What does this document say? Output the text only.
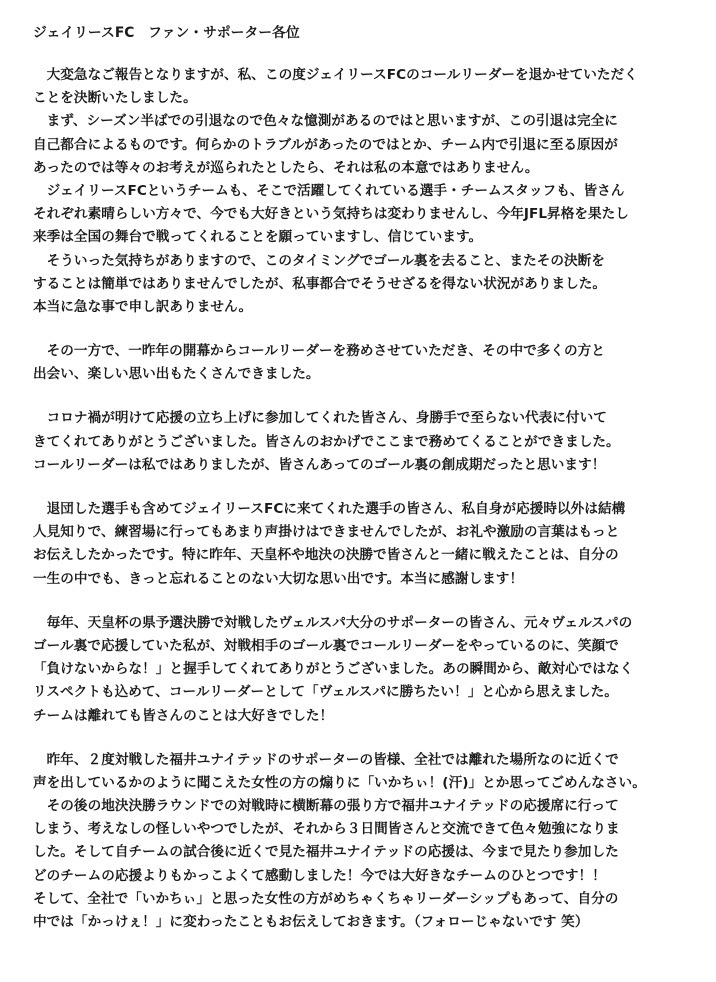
ジェイリースFC　ファン・サポーター各位
　大変急なご報告となりますが、私、この度ジェイリースFCのコールリーダーを退かせていただく
ことを決断いたしました。
　まず、シーズン半ばでの引退なので色々な憶測があるのではと思いますが、この引退は完全に
自己都合によるものです。何らかのトラブルがあったのではとか、チーム内で引退に至る原因が
あったのでは等々のお考えが巡られたとしたら、それは私の本意ではありません。
　ジェイリースFCというチームも、そこで活躍してくれている選手・チームスタッフも、皆さん
それぞれ素晴らしい方々で、今でも大好きという気持ちは変わりませんし、今年JFL昇格を果たし
来季は全国の舞台で戦ってくれることを願っていますし、信じています。
　そういった気持ちがありますので、このタイミングでゴール裏を去ること、またその決断を
することは簡単ではありませんでしたが、私事都合でそうせざるを得ない状況がありました。
本当に急な事で申し訳ありません。
　その一方で、一昨年の開幕からコールリーダーを務めさせていただき、その中で多くの方と
出会い、楽しい思い出もたくさんできました。
　コロナ禍が明けて応援の立ち上げに参加してくれた皆さん、身勝手で至らない代表に付いて
きてくれてありがとうございました。皆さんのおかげでここまで務めてくることができました。
コールリーダーは私ではありましたが、皆さんあってのゴール裏の創成期だったと思います！
　退団した選手も含めてジェイリースFCに来てくれた選手の皆さん、私自身が応援時以外は結構
人見知りで、練習場に行ってもあまり声掛けはできませんでしたが、お礼や激励の言葉はもっと
お伝えしたかったです。特に昨年、天皇杯や地決の決勝で皆さんと一緒に戦えたことは、自分の
一生の中でも、きっと忘れることのない大切な思い出です。本当に感謝します！
　毎年、天皇杯の県予選決勝で対戦したヴェルスパ大分のサポーターの皆さん、元々ヴェルスパの
ゴール裏で応援していた私が、対戦相手のゴール裏でコールリーダーをやっているのに、笑顔で
「負けないからな！」と握手してくれてありがとうございました。あの瞬間から、敵対心ではなく
リスペクトも込めて、コールリーダーとして「ヴェルスパに勝ちたい！」と心から思えました。
チームは離れても皆さんのことは大好きでした！
　昨年、２度対戦した福井ユナイテッドのサポーターの皆様、全社では離れた場所なのに近くで
声を出しているかのように聞こえた女性の方の煽りに「いかちぃ！(汗)」とか思ってごめんなさい。
　その後の地決決勝ラウンドでの対戦時に横断幕の張り方で福井ユナイテッドの応援席に行って
しまう、考えなしの怪しいやつでしたが、それから３日間皆さんと交流できて色々勉強になりま
した。そして自チームの試合後に近くで見た福井ユナイテッドの応援は、今まで見たり参加した
どのチームの応援よりもかっこよくて感動しました！今では大好きなチームのひとつです！！
そして、全社で「いかちぃ」と思った女性の方がめちゃくちゃリーダーシップもあって、自分の
中では「かっけぇ！」に変わったこともお伝えしておきます。（フォローじゃないです 笑）
